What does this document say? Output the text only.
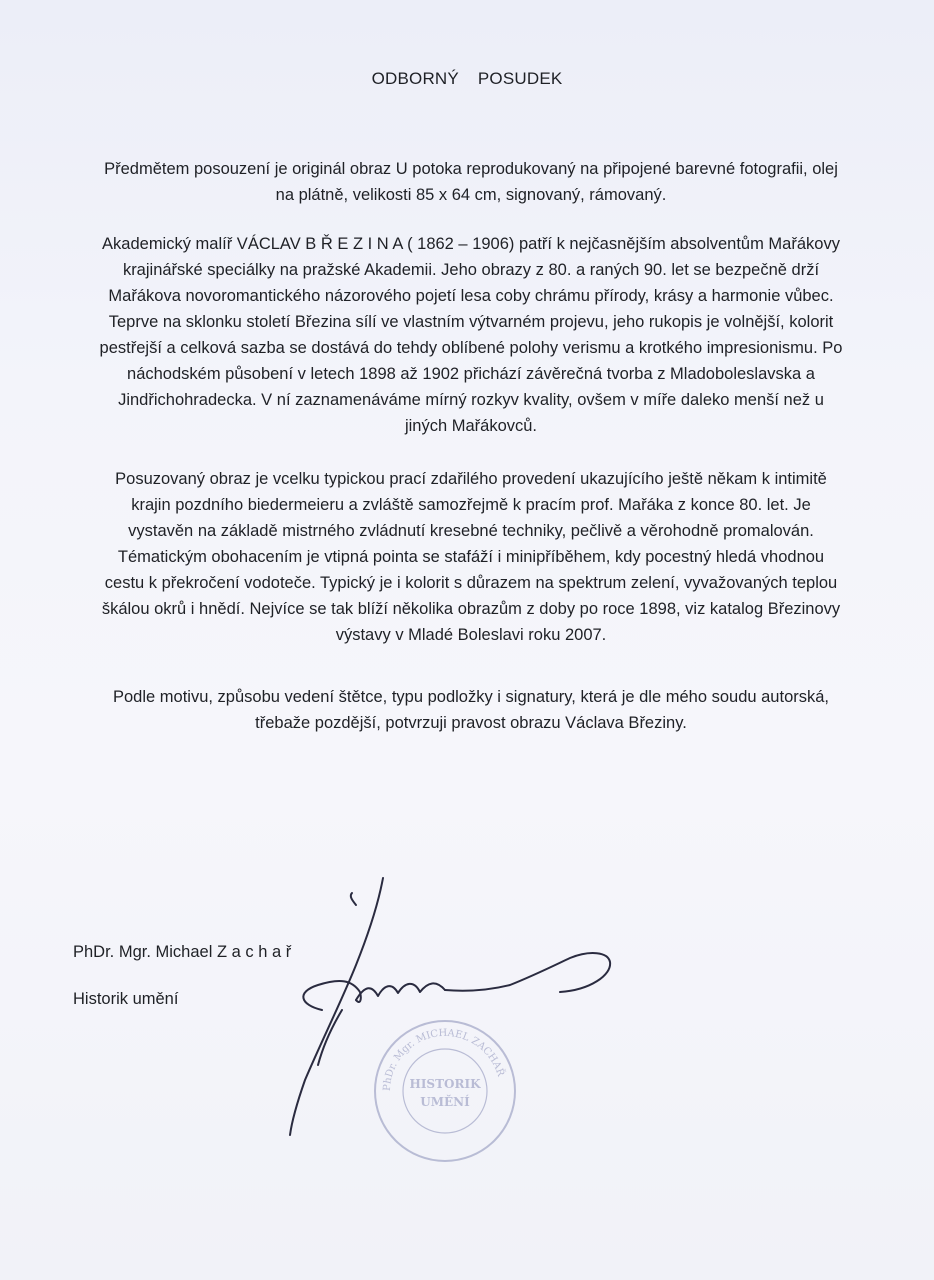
ODBORNÝ POSUDEK
Předmětem posouzení je originál obraz U potoka reprodukovaný na připojené barevné fotografii, olej
na plátně, velikosti 85 x 64 cm, signovaný, rámovaný.
Akademický malíř VÁCLAV B Ř E Z I N A ( 1862 – 1906) patří k nejčasnějším absolventům Mařákovy
krajinářské speciálky na pražské Akademii. Jeho obrazy z 80. a raných 90. let se bezpečně drží
Mařákova novoromantického názorového pojetí lesa coby chrámu přírody, krásy a harmonie vůbec.
Teprve na sklonku století Březina sílí ve vlastním výtvarném projevu, jeho rukopis je volnější, kolorit
pestřejší a celková sazba se dostává do tehdy oblíbené polohy verismu a krotkého impresionismu. Po
náchodském působení v letech 1898 až 1902 přichází závěrečná tvorba z Mladoboleslavska a
Jindřichohradecka. V ní zaznamenáváme mírný rozkyv kvality, ovšem v míře daleko menší než u
jiných Mařákovců.
Posuzovaný obraz je vcelku typickou prací zdařilého provedení ukazujícího ještě někam k intimitě
krajin pozdního biedermeieru a zvláště samozřejmě k pracím prof. Mařáka z konce 80. let. Je
vystavěn na základě mistrného zvládnutí kresebné techniky, pečlivě a věrohodně promalován.
Tématickým obohacením je vtipná pointa se stafáží i minipříběhem, kdy pocestný hledá vhodnou
cestu k překročení vodoteče. Typický je i kolorit s důrazem na spektrum zelení, vyvažovaných teplou
škálou okrů i hnědí. Nejvíce se tak blíží několika obrazům z doby po roce 1898, viz katalog Březinovy
výstavy v Mladé Boleslavi roku 2007.
Podle motivu, způsobu vedení štětce, typu podložky i signatury, která je dle mého soudu autorská,
třebaže pozdější, potvrzuji pravost obrazu Václava Březiny.
PhDr. Mgr. Michael Z a c h a ř
Historik umění
PhDr. Mgr. MICHAEL ZACHAŘ
HISTORIK
UMĚNÍ
